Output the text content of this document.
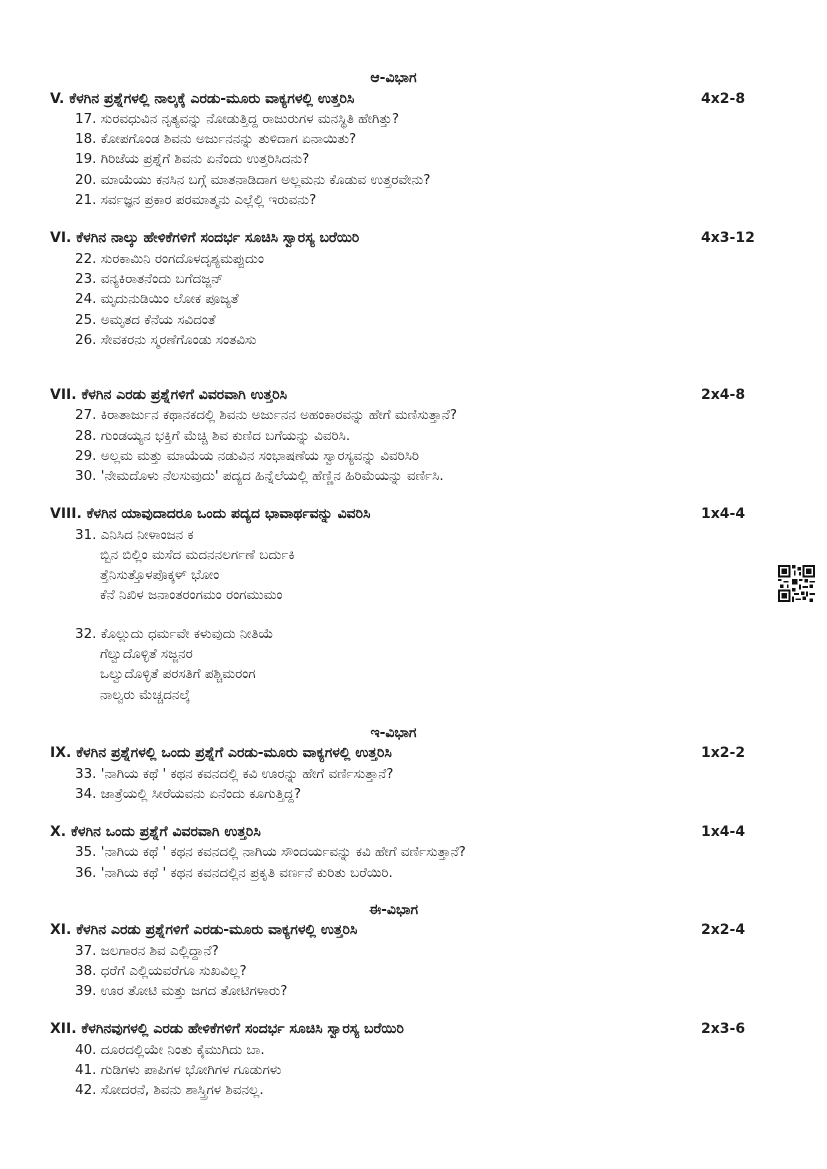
ಆ-ವಿಭಾಗ
V. ಕೆಳಗಿನ ಪ್ರಶ್ನೆಗಳಲ್ಲಿ ನಾಲ್ಕಕ್ಕೆ ಎರಡು-ಮೂರು ವಾಕ್ಯಗಳಲ್ಲಿ ಉತ್ತರಿಸಿ	4x2-8
17. ಸುರವಧುವಿನ ನೃತ್ಯವನ್ನು ನೋಡುತ್ತಿದ್ದ ರಾಜುರುಗಳ ಮನಸ್ಥಿತಿ ಹೇಗಿತ್ತು?
18. ಕೋಪಗೊಂಡ ಶಿವನು ಅರ್ಜುನನನ್ನು ತುಳಿದಾಗ ಏನಾಯಿತು?
19. ಗಿರಿಜೆಯ ಪ್ರಶ್ನೆಗೆ ಶಿವನು ಏನೆಂದು ಉತ್ತರಿಸಿದನು?
20. ಮಾಯೆಯು ಕನಸಿನ ಬಗ್ಗೆ ಮಾತನಾಡಿದಾಗ ಅಲ್ಲಮನು ಕೊಡುವ ಉತ್ತರವೇನು?
21. ಸರ್ವಜ್ಞನ ಪ್ರಕಾರ ಪರಮಾತ್ಮನು ಎಲ್ಲೆಲ್ಲಿ ಇರುವನು?
VI. ಕೆಳಗಿನ ನಾಲ್ಕು ಹೇಳಿಕೆಗಳಿಗೆ ಸಂದರ್ಭ ಸೂಚಿಸಿ ಸ್ವಾರಸ್ಯ ಬರೆಯಿರಿ	4x3-12
22. ಸುರಕಾಮಿನಿ ರಂಗದೊಳದೃಶ್ಯಮಪ್ಪುದುಂ
23. ವನ್ಯಕಿರಾತನೆಂದು ಬಗೆದಜ್ಜನ್
24. ಮೃದುನುಡಿಯಿಂ ಲೋಕ ಪೂಜ್ಯತೆ
25. ಅಮೃತದ ಕೆನೆಯ ಸವಿದಂತೆ
26. ಸೇವಕರನು ಸ್ಮರಣೆಗೊಂಡು ಸಂತವಿಸು
VII. ಕೆಳಗಿನ ಎರಡು ಪ್ರಶ್ನೆಗಳಿಗೆ ವಿವರವಾಗಿ ಉತ್ತರಿಸಿ	2x4-8
27. ಕಿರಾತಾರ್ಜುನ ಕಥಾನಕದಲ್ಲಿ ಶಿವನು ಅರ್ಜುನನ ಅಹಂಕಾರವನ್ನು ಹೇಗೆ ಮಣಿಸುತ್ತಾನೆ?
28. ಗುಂಡಯ್ಯನ ಭಕ್ತಿಗೆ ಮೆಚ್ಚಿ ಶಿವ ಕುಣಿದ ಬಗೆಯನ್ನು ವಿವರಿಸಿ.
29. ಅಲ್ಲಮ ಮತ್ತು ಮಾಯೆಯ ನಡುವಿನ ಸಂಭಾಷಣೆಯ ಸ್ವಾರಸ್ಯವನ್ನು ವಿವರಿಸಿರಿ
30. 'ನೇಮದೊಳು ನೆಲಸುವುದು' ಪದ್ಯದ ಹಿನ್ನೆಲೆಯಲ್ಲಿ ಹೆಣ್ಣಿನ ಹಿರಿಮೆಯನ್ನು ವರ್ಣಿಸಿ.
VIII. ಕೆಳಗಿನ ಯಾವುದಾದರೂ ಒಂದು ಪದ್ಯದ ಭಾವಾರ್ಥವನ್ನು ವಿವರಿಸಿ	1x4-4
31. ಎನಿಸಿದ ನೀಳಾಂಜನ ಕ
ಬ್ಬಿನ ಬಿಲ್ಲಿಂ ಮಸೆದ ಮದನನಲರ್ಗಣೆ ಬರ್ದುಕಿ
ತ್ತೆನಿಸುತ್ತೊಳಪೊಕ್ಕಳ್ ಭೋಂ
ಕೆನೆ ನಿಖಿಳ ಜನಾಂತರಂಗಮಂ ರಂಗಮುಮಂ
32. ಕೊಲ್ಲುದು ಧರ್ಮವೇ ಕಳುವುದು ನೀತಿಯೆ
ಗೆಲ್ವುದೊಳ್ಳಿತೆ ಸಜ್ಜನರ
ಒಲ್ವುದೊಳ್ಳಿತೆ ಪರಸತಿಗೆ ಪಶ್ಚಿಮರಂಗ
ನಾಲ್ವರು ಮೆಚ್ಚದನಲ್ಕೆ
ಇ-ವಿಭಾಗ
IX. ಕೆಳಗಿನ ಪ್ರಶ್ನೆಗಳಲ್ಲಿ ಒಂದು ಪ್ರಶ್ನೆಗೆ ಎರಡು-ಮೂರು ವಾಕ್ಯಗಳಲ್ಲಿ ಉತ್ತರಿಸಿ	1x2-2
33. 'ನಾಗಿಯ ಕಥೆ ' ಕಥನ ಕವನದಲ್ಲಿ ಕವಿ ಊರನ್ನು ಹೇಗೆ ವರ್ಣಿಸುತ್ತಾನೆ?
34. ಜಾತ್ರೆಯಲ್ಲಿ ಸೀರೆಯವನು ಏನೆಂದು ಕೂಗುತ್ತಿದ್ದ?
X. ಕೆಳಗಿನ ಒಂದು ಪ್ರಶ್ನೆಗೆ ವಿವರವಾಗಿ ಉತ್ತರಿಸಿ	1x4-4
35. 'ನಾಗಿಯ ಕಥೆ ' ಕಥನ ಕವನದಲ್ಲಿ ನಾಗಿಯ ಸೌಂದರ್ಯವನ್ನು ಕವಿ ಹೇಗೆ ವರ್ಣಿಸುತ್ತಾನೆ?
36. 'ನಾಗಿಯ ಕಥೆ ' ಕಥನ ಕವನದಲ್ಲಿನ ಪ್ರಕೃತಿ ವರ್ಣನೆ ಕುರಿತು ಬರೆಯಿರಿ.
ಈ-ವಿಭಾಗ
XI. ಕೆಳಗಿನ ಎರಡು ಪ್ರಶ್ನೆಗಳಿಗೆ ಎರಡು-ಮೂರು ವಾಕ್ಯಗಳಲ್ಲಿ ಉತ್ತರಿಸಿ	2x2-4
37. ಜಲಗಾರನ ಶಿವ ಎಲ್ಲಿದ್ದಾನೆ?
38. ಧರೆಗೆ ಎಲ್ಲಿಯವರೆಗೂ ಸುಖವಿಲ್ಲ?
39. ಊರ ತೋಟಿ ಮತ್ತು ಜಗದ ತೋಟಿಗಳಾರು?
XII. ಕೆಳಗಿನವುಗಳಲ್ಲಿ ಎರಡು ಹೇಳಿಕೆಗಳಿಗೆ ಸಂದರ್ಭ ಸೂಚಿಸಿ ಸ್ವಾರಸ್ಯ ಬರೆಯಿರಿ	2x3-6
40. ದೂರದಲ್ಲಿಯೇ ನಿಂತು ಕೈಮುಗಿದು ಬಾ.
41. ಗುಡಿಗಳು ಪಾಪಿಗಳ ಭೋಗಿಗಳ ಗೂಡುಗಳು
42. ಸೋದರನೆ, ಶಿವನು ಶಾಸ್ತ್ರಿಗಳ ಶಿವನಲ್ಲ.
